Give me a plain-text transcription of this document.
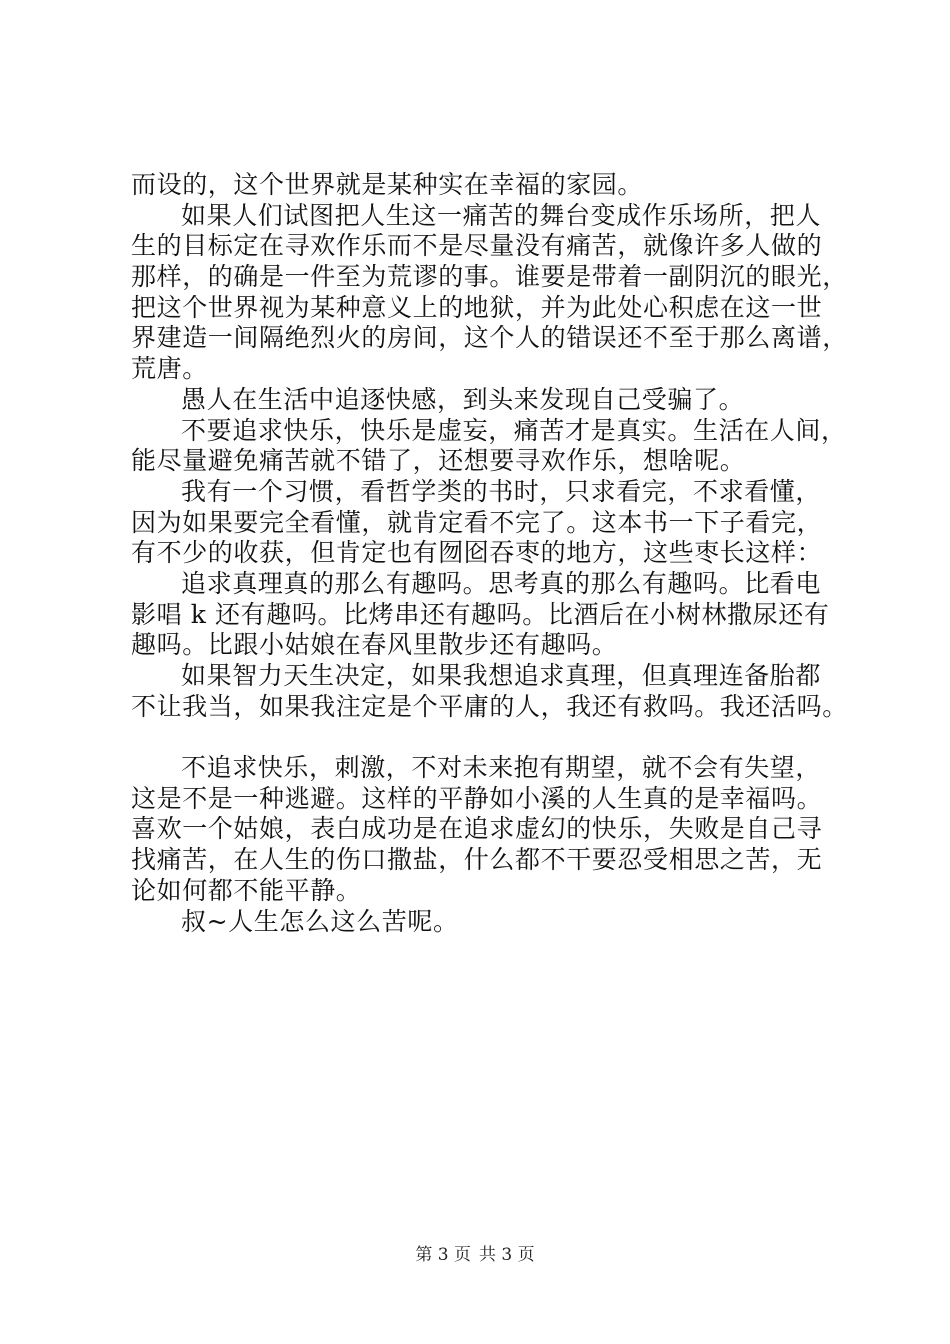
而设的，这个世界就是某种实在幸福的家园。
如果人们试图把人生这一痛苦的舞台变成作乐场所，把人
生的目标定在寻欢作乐而不是尽量没有痛苦，就像许多人做的
那样，的确是一件至为荒谬的事。谁要是带着一副阴沉的眼光，
把这个世界视为某种意义上的地狱，并为此处心积虑在这一世
界建造一间隔绝烈火的房间，这个人的错误还不至于那么离谱，
荒唐。
愚人在生活中追逐快感，到头来发现自己受骗了。
不要追求快乐，快乐是虚妄，痛苦才是真实。生活在人间，
能尽量避免痛苦就不错了，还想要寻欢作乐，想啥呢。
我有一个习惯，看哲学类的书时，只求看完，不求看懂，
因为如果要完全看懂，就肯定看不完了。这本书一下子看完，
有不少的收获，但肯定也有囫囵吞枣的地方，这些枣长这样：
追求真理真的那么有趣吗。思考真的那么有趣吗。比看电
影唱 k 还有趣吗。比烤串还有趣吗。比酒后在小树林撒尿还有
趣吗。比跟小姑娘在春风里散步还有趣吗。
如果智力天生决定，如果我想追求真理，但真理连备胎都
不让我当，如果我注定是个平庸的人，我还有救吗。我还活吗。
不追求快乐，刺激，不对未来抱有期望，就不会有失望，
这是不是一种逃避。这样的平静如小溪的人生真的是幸福吗。
喜欢一个姑娘，表白成功是在追求虚幻的快乐，失败是自己寻
找痛苦，在人生的伤口撒盐，什么都不干要忍受相思之苦，无
论如何都不能平静。
叔~人生怎么这么苦呢。
第 3 页 共 3 页
